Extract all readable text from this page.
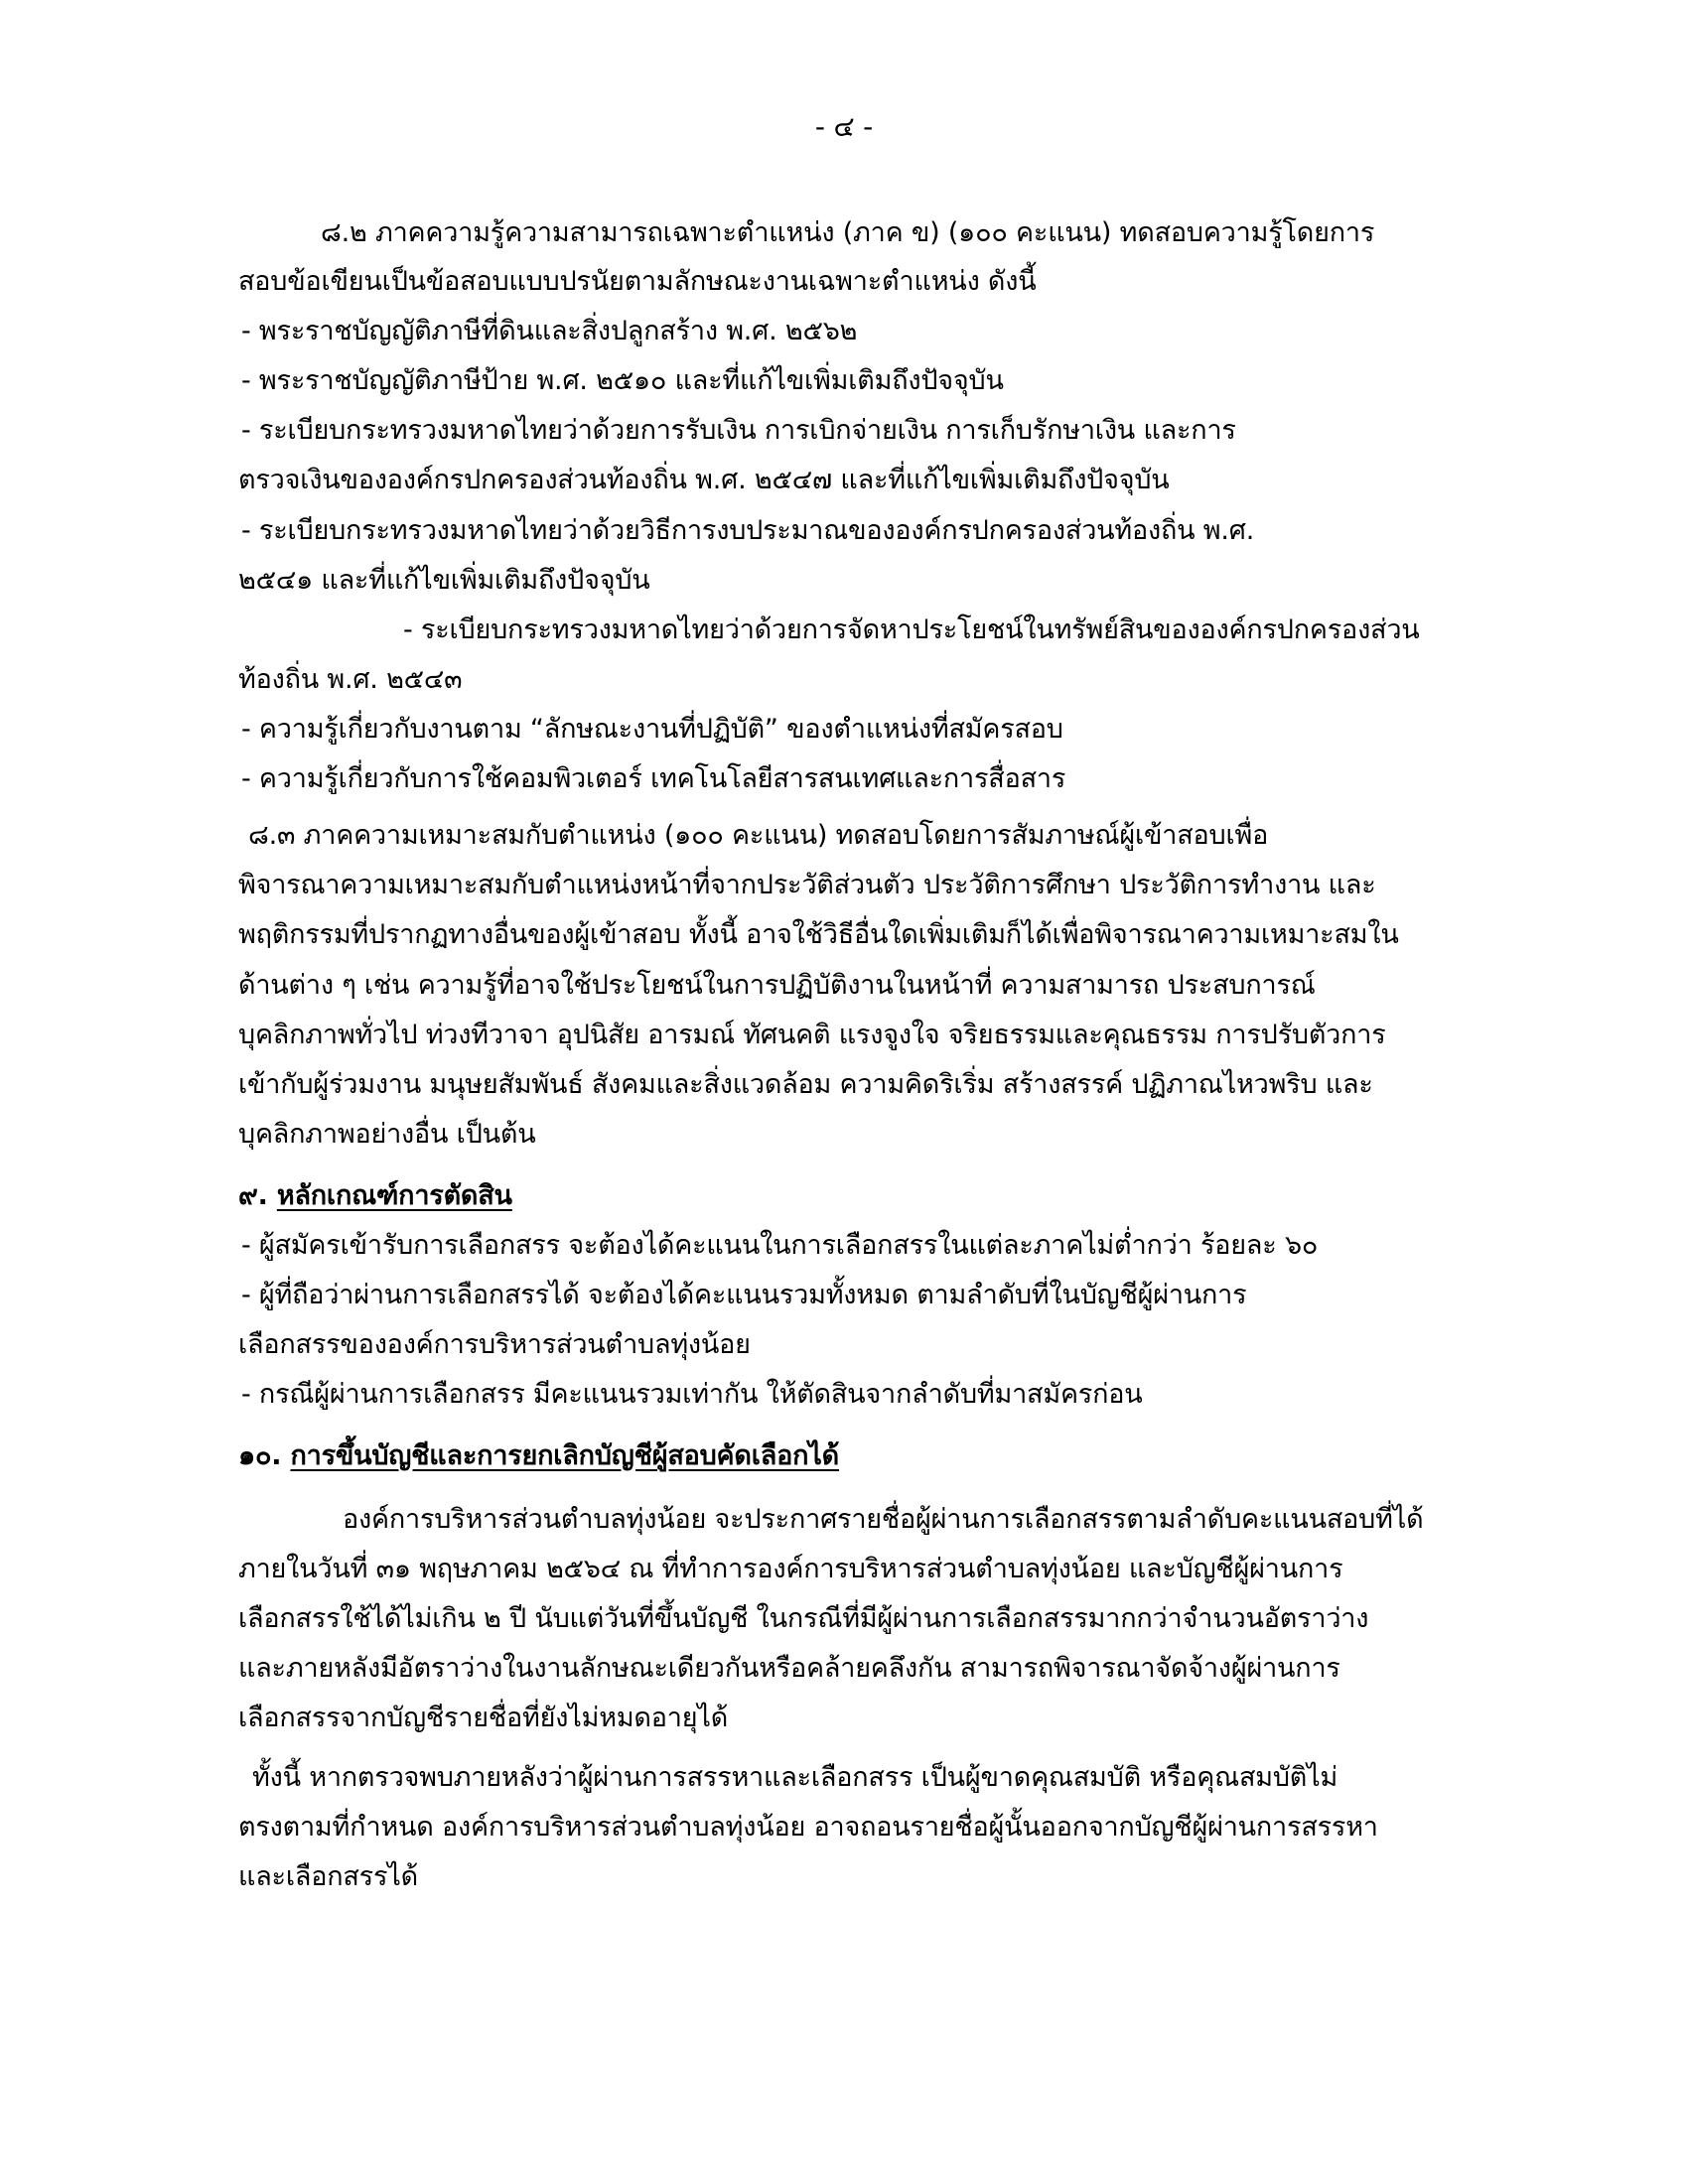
- ๔ -
๘.๒ ภาคความรู้ความสามารถเฉพาะตำแหน่ง (ภาค ข) (๑๐๐ คะแนน) ทดสอบความรู้โดยการ
สอบข้อเขียนเป็นข้อสอบแบบปรนัยตามลักษณะงานเฉพาะตำแหน่ง ดังนี้
- พระราชบัญญัติภาษีที่ดินและสิ่งปลูกสร้าง พ.ศ. ๒๕๖๒
- พระราชบัญญัติภาษีป้าย พ.ศ. ๒๕๑๐ และที่แก้ไขเพิ่มเติมถึงปัจจุบัน
- ระเบียบกระทรวงมหาดไทยว่าด้วยการรับเงิน การเบิกจ่ายเงิน การเก็บรักษาเงิน และการ
ตรวจเงินขององค์กรปกครองส่วนท้องถิ่น พ.ศ. ๒๕๔๗ และที่แก้ไขเพิ่มเติมถึงปัจจุบัน
- ระเบียบกระทรวงมหาดไทยว่าด้วยวิธีการงบประมาณขององค์กรปกครองส่วนท้องถิ่น พ.ศ.
๒๕๔๑ และที่แก้ไขเพิ่มเติมถึงปัจจุบัน
- ระเบียบกระทรวงมหาดไทยว่าด้วยการจัดหาประโยชน์ในทรัพย์สินขององค์กรปกครองส่วน
ท้องถิ่น พ.ศ. ๒๕๔๓
- ความรู้เกี่ยวกับงานตาม “ลักษณะงานที่ปฏิบัติ” ของตำแหน่งที่สมัครสอบ
- ความรู้เกี่ยวกับการใช้คอมพิวเตอร์ เทคโนโลยีสารสนเทศและการสื่อสาร
๘.๓ ภาคความเหมาะสมกับตำแหน่ง (๑๐๐ คะแนน) ทดสอบโดยการสัมภาษณ์ผู้เข้าสอบเพื่อ
พิจารณาความเหมาะสมกับตำแหน่งหน้าที่จากประวัติส่วนตัว ประวัติการศึกษา ประวัติการทำงาน และ
พฤติกรรมที่ปรากฏทางอื่นของผู้เข้าสอบ ทั้งนี้ อาจใช้วิธีอื่นใดเพิ่มเติมก็ได้เพื่อพิจารณาความเหมาะสมใน
ด้านต่าง ๆ เช่น ความรู้ที่อาจใช้ประโยชน์ในการปฏิบัติงานในหน้าที่ ความสามารถ ประสบการณ์
บุคลิกภาพทั่วไป ท่วงทีวาจา อุปนิสัย อารมณ์ ทัศนคติ แรงจูงใจ จริยธรรมและคุณธรรม การปรับตัวการ
เข้ากับผู้ร่วมงาน มนุษยสัมพันธ์ สังคมและสิ่งแวดล้อม ความคิดริเริ่ม สร้างสรรค์ ปฏิภาณไหวพริบ และ
บุคลิกภาพอย่างอื่น เป็นต้น
๙. หลักเกณฑ์การตัดสิน
- ผู้สมัครเข้ารับการเลือกสรร จะต้องได้คะแนนในการเลือกสรรในแต่ละภาคไม่ต่ำกว่า ร้อยละ ๖๐
- ผู้ที่ถือว่าผ่านการเลือกสรรได้ จะต้องได้คะแนนรวมทั้งหมด ตามลำดับที่ในบัญชีผู้ผ่านการ
เลือกสรรขององค์การบริหารส่วนตำบลทุ่งน้อย
- กรณีผู้ผ่านการเลือกสรร มีคะแนนรวมเท่ากัน ให้ตัดสินจากลำดับที่มาสมัครก่อน
๑๐. การขึ้นบัญชีและการยกเลิกบัญชีผู้สอบคัดเลือกได้
องค์การบริหารส่วนตำบลทุ่งน้อย จะประกาศรายชื่อผู้ผ่านการเลือกสรรตามลำดับคะแนนสอบที่ได้
ภายในวันที่ ๓๑ พฤษภาคม ๒๕๖๔ ณ ที่ทำการองค์การบริหารส่วนตำบลทุ่งน้อย และบัญชีผู้ผ่านการ
เลือกสรรใช้ได้ไม่เกิน ๒ ปี นับแต่วันที่ขึ้นบัญชี ในกรณีที่มีผู้ผ่านการเลือกสรรมากกว่าจำนวนอัตราว่าง
และภายหลังมีอัตราว่างในงานลักษณะเดียวกันหรือคล้ายคลึงกัน สามารถพิจารณาจัดจ้างผู้ผ่านการ
เลือกสรรจากบัญชีรายชื่อที่ยังไม่หมดอายุได้
ทั้งนี้ หากตรวจพบภายหลังว่าผู้ผ่านการสรรหาและเลือกสรร เป็นผู้ขาดคุณสมบัติ หรือคุณสมบัติไม่
ตรงตามที่กำหนด องค์การบริหารส่วนตำบลทุ่งน้อย อาจถอนรายชื่อผู้นั้นออกจากบัญชีผู้ผ่านการสรรหา
และเลือกสรรได้
